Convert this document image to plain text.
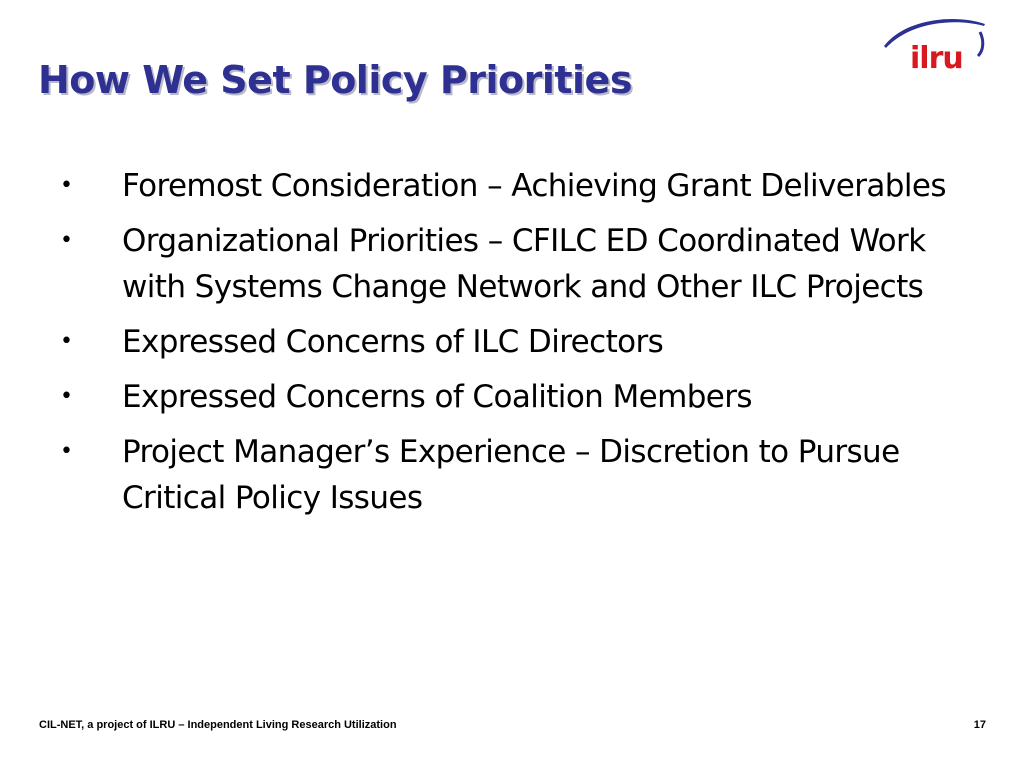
How We Set Policy Priorities	ilru
• Foremost Consideration – Achieving Grant Deliverables
• Organizational Priorities – CFILC ED Coordinated Work with Systems Change Network and Other ILC Projects
• Expressed Concerns of ILC Directors
• Expressed Concerns of Coalition Members
• Project Manager’s Experience – Discretion to Pursue Critical Policy Issues
CIL-NET, a project of ILRU – Independent Living Research Utilization	17
